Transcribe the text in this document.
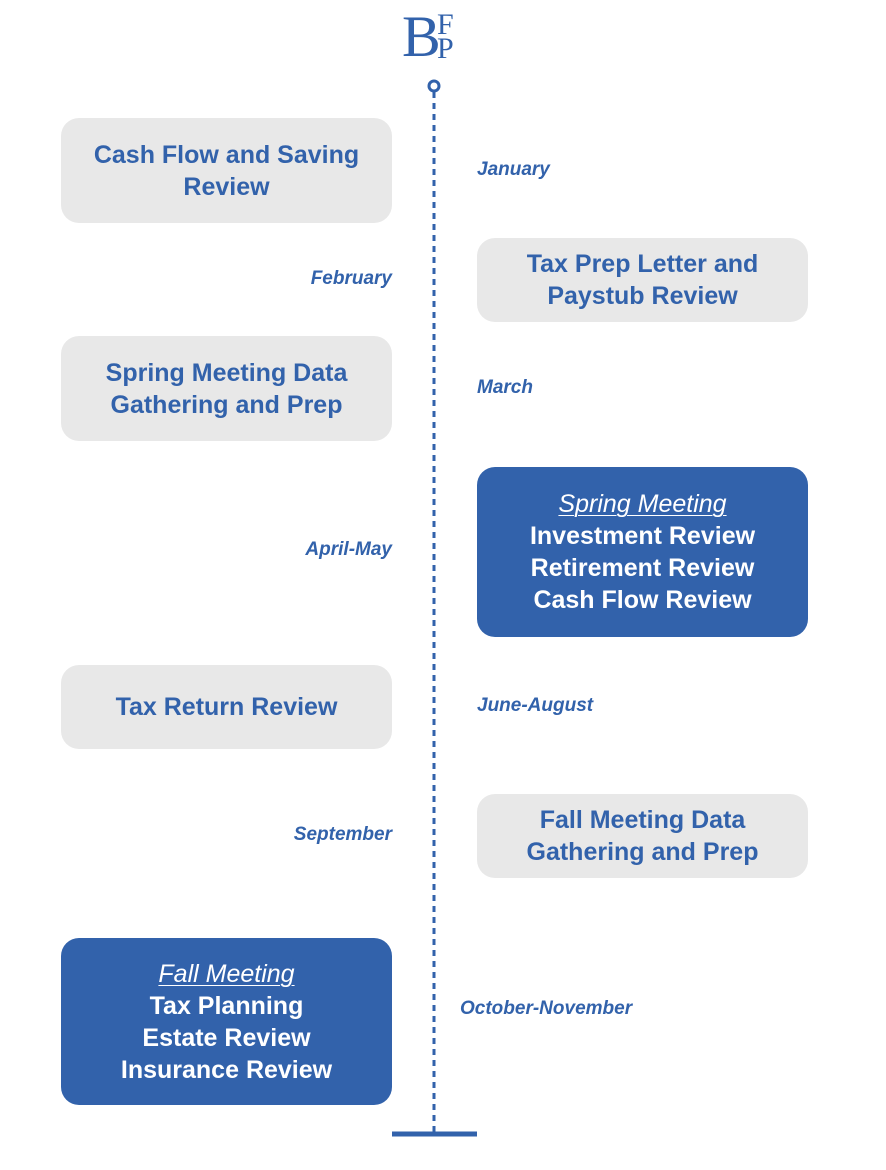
B
F
P
Cash Flow and Saving
Review
January
February
Tax Prep Letter and
Paystub Review
Spring Meeting Data
Gathering and Prep
March
April-May
Spring Meeting
Investment Review
Retirement Review
Cash Flow Review
Tax Return Review	June-August
September
Fall Meeting Data
Gathering and Prep
Fall Meeting
Tax Planning
Estate Review
Insurance Review
October-November
